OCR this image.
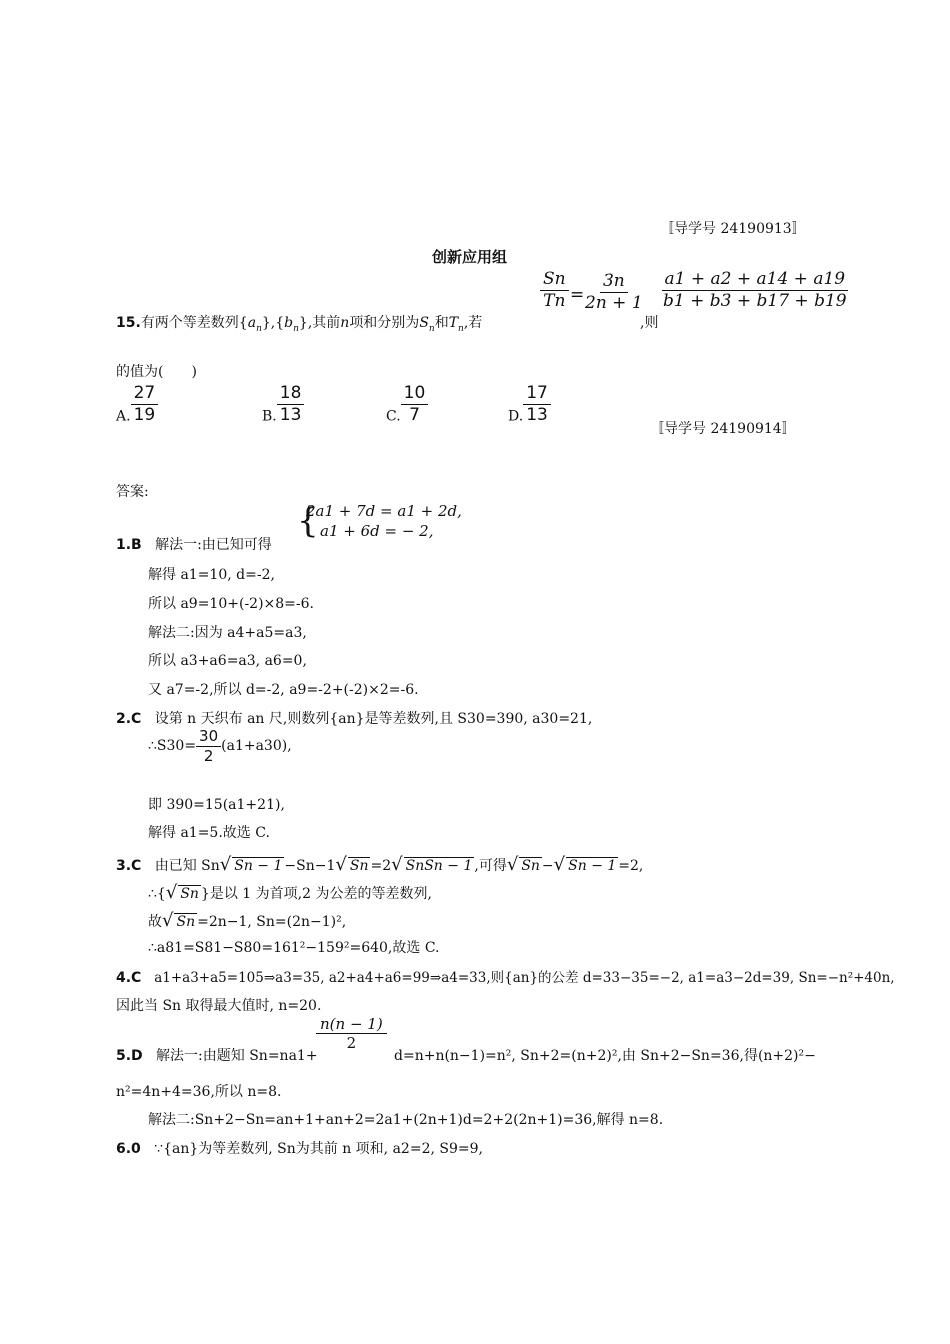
〚导学号 24190913〛
创新应用组
15.有两个等差数列$\{a_n\},\{b_n\}$,其前n项和分别为$S_n$和$T_n$,若
$\frac{Sn}{Tn}$ =
$\frac{3n}{2n + 1}$
,则
$\frac{a1 + a2 + a14 + a19}{b1 + b3 + b17 + b19}$
的值为(　　)
A. $\frac{27}{19}$	B. $\frac{18}{13}$	C. $\frac{10}{7}$	D. $\frac{17}{13}$
〚导学号 24190914〛
答案:
1.B 解法一:由已知可得
{
2a1 + 7d = a1 + 2d,
a1 + 6d = − 2,
解得 a1=10, d=-2,
所以 a9=10+(-2)×8=-6.
解法二:因为 a4+a5=a3,
所以 a3+a6=a3, a6=0,
又 a7=-2,所以 d=-2, a9=-2+(-2)×2=-6.
2.C 设第 n 天织布 an 尺,则数列{an}是等差数列,且 S30=390, a30=21,
∴S30= $\frac{30}{2} (a1+a30)$,
即 390=15(a1+21),
解得 a1=5.故选 C.
3.C 由已知 Sn√ Sn − 1 −Sn−1√ Sn =2√ SnSn − 1 ,可得√ Sn −√ Sn − 1 =2,
∴{√ Sn }是以 1 为首项,2 为公差的等差数列,
故√ Sn =2n−1, Sn=(2n−1)²,
∴a81=S81−S80=161²−159²=640,故选 C.
4.C a1+a3+a5=105⇒a3=35, a2+a4+a6=99⇒a4=33,则{an}的公差 d=33−35=−2, a1=a3−2d=39, Sn=−n²+40n,
因此当 Sn 取得最大值时, n=20.
5.D 解法一:由题知 Sn=na1+
$\frac{n(n - 1)}{2}$
d=n+n(n−1)=n², Sn+2=(n+2)²,由 Sn+2−Sn=36,得(n+2)²−
n²=4n+4=36,所以 n=8.
解法二:Sn+2−Sn=an+1+an+2=2a1+(2n+1)d=2+2(2n+1)=36,解得 n=8.
6.0 ∵{an}为等差数列, Sn为其前 n 项和, a2=2, S9=9,
